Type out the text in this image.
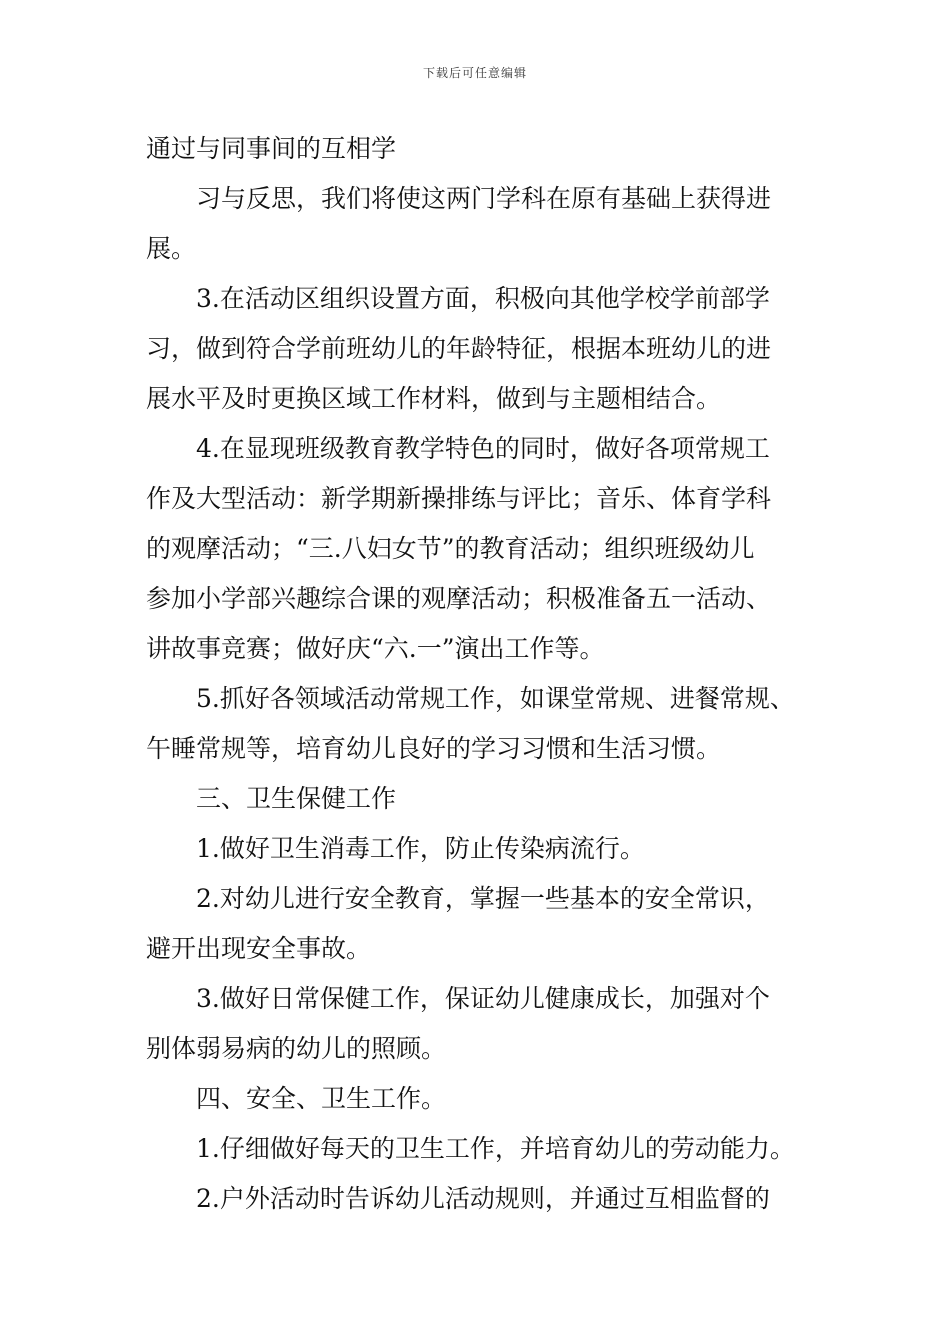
下载后可任意编辑
通过与同事间的互相学
习与反思，我们将使这两门学科在原有基础上获得进
展。
3.在活动区组织设置方面，积极向其他学校学前部学
习，做到符合学前班幼儿的年龄特征，根据本班幼儿的进
展水平及时更换区域工作材料，做到与主题相结合。
4.在显现班级教育教学特色的同时，做好各项常规工
作及大型活动：新学期新操排练与评比；音乐、体育学科
的观摩活动；“三.八妇女节”的教育活动；组织班级幼儿
参加小学部兴趣综合课的观摩活动；积极准备五一活动、
讲故事竞赛；做好庆“六.一”演出工作等。
5.抓好各领域活动常规工作，如课堂常规、进餐常规、
午睡常规等，培育幼儿良好的学习习惯和生活习惯。
三、卫生保健工作
1.做好卫生消毒工作，防止传染病流行。
2.对幼儿进行安全教育，掌握一些基本的安全常识，
避开出现安全事故。
3.做好日常保健工作，保证幼儿健康成长，加强对个
别体弱易病的幼儿的照顾。
四、安全、卫生工作。
1.仔细做好每天的卫生工作，并培育幼儿的劳动能力。
2.户外活动时告诉幼儿活动规则，并通过互相监督的
